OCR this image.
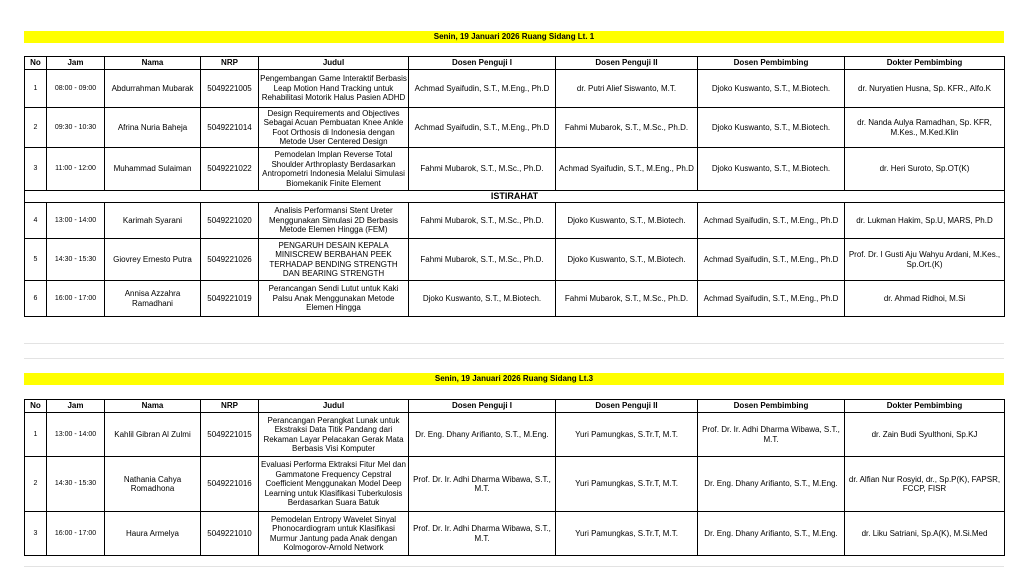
Senin, 19 Januari 2026 Ruang Sidang Lt. 1
No	Jam	Nama	NRP	Judul	Dosen Penguji I	Dosen Penguji II	Dosen Pembimbing	Dokter Pembimbing
1	08:00 - 09:00	Abdurrahman Mubarak	5049221005	Pengembangan Game Interaktif Berbasis Leap Motion Hand Tracking untuk Rehabilitasi Motorik Halus Pasien ADHD	Achmad Syaifudin, S.T., M.Eng., Ph.D	dr. Putri Alief Siswanto, M.T.	Djoko Kuswanto, S.T., M.Biotech.	dr. Nuryatien Husna, Sp. KFR., Alfo.K
2	09:30 - 10:30	Afrina Nuria Baheja	5049221014	Design Requirements and Objectives Sebagai Acuan Pembuatan Knee Ankle Foot Orthosis di Indonesia dengan Metode User Centered Design	Achmad Syaifudin, S.T., M.Eng., Ph.D	Fahmi Mubarok, S.T., M.Sc., Ph.D.	Djoko Kuswanto, S.T., M.Biotech.	dr. Nanda Aulya Ramadhan, Sp. KFR, M.Kes., M.Ked.Klin
3	11:00 - 12:00	Muhammad Sulaiman	5049221022	Pemodelan Implan Reverse Total Shoulder Arthroplasty Berdasarkan Antropometri Indonesia Melalui Simulasi Biomekanik Finite Element	Fahmi Mubarok, S.T., M.Sc., Ph.D.	Achmad Syaifudin, S.T., M.Eng., Ph.D	Djoko Kuswanto, S.T., M.Biotech.	dr. Heri Suroto, Sp.OT(K)
ISTIRAHAT								
4	13:00 - 14:00	Karimah Syarani	5049221020	Analisis Performansi Stent Ureter Menggunakan Simulasi 2D Berbasis Metode Elemen Hingga (FEM)	Fahmi Mubarok, S.T., M.Sc., Ph.D.	Djoko Kuswanto, S.T., M.Biotech.	Achmad Syaifudin, S.T., M.Eng., Ph.D	dr. Lukman Hakim, Sp.U, MARS, Ph.D
5	14:30 - 15:30	Giovrey Ernesto Putra	5049221026	PENGARUH DESAIN KEPALA MINISCREW BERBAHAN PEEK TERHADAP BENDING STRENGTH DAN BEARING STRENGTH	Fahmi Mubarok, S.T., M.Sc., Ph.D.	Djoko Kuswanto, S.T., M.Biotech.	Achmad Syaifudin, S.T., M.Eng., Ph.D	Prof. Dr. I Gusti Aju Wahyu Ardani, M.Kes., Sp.Ort.(K)
6	16:00 - 17:00	Annisa Azzahra Ramadhani	5049221019	Perancangan Sendi Lutut untuk Kaki Palsu Anak Menggunakan Metode Elemen Hingga	Djoko Kuswanto, S.T., M.Biotech.	Fahmi Mubarok, S.T., M.Sc., Ph.D.	Achmad Syaifudin, S.T., M.Eng., Ph.D	dr. Ahmad Ridhoi, M.Si
Senin, 19 Januari 2026 Ruang Sidang Lt.3
No	Jam	Nama	NRP	Judul	Dosen Penguji I	Dosen Penguji II	Dosen Pembimbing	Dokter Pembimbing
1	13:00 - 14:00	Kahlil Gibran Al Zulmi	5049221015	Perancangan Perangkat Lunak untuk Ekstraksi Data Titik Pandang dari Rekaman Layar Pelacakan Gerak Mata Berbasis Visi Komputer	Dr. Eng. Dhany Arifianto, S.T., M.Eng.	Yuri Pamungkas, S.Tr.T, M.T.	Prof. Dr. Ir. Adhi Dharma Wibawa, S.T., M.T.	dr. Zain Budi Syulthoni, Sp.KJ
2	14:30 - 15:30	Nathania Cahya Romadhona	5049221016	Evaluasi Performa Ektraksi Fitur Mel dan Gammatone Frequency Cepstral Coefficient Menggunakan Model Deep Learning untuk Klasifikasi Tuberkulosis Berdasarkan Suara Batuk	Prof. Dr. Ir. Adhi Dharma Wibawa, S.T., M.T.	Yuri Pamungkas, S.Tr.T, M.T.	Dr. Eng. Dhany Arifianto, S.T., M.Eng.	dr. Alfian Nur Rosyid, dr., Sp.P(K), FAPSR, FCCP, FISR
3	16:00 - 17:00	Haura Armelya	5049221010	Pemodelan Entropy Wavelet Sinyal Phonocardiogram untuk Klasifikasi Murmur Jantung pada Anak dengan Kolmogorov-Arnold Network	Prof. Dr. Ir. Adhi Dharma Wibawa, S.T., M.T.	Yuri Pamungkas, S.Tr.T, M.T.	Dr. Eng. Dhany Arifianto, S.T., M.Eng.	dr. Liku Satriani, Sp.A(K), M.Si.Med
